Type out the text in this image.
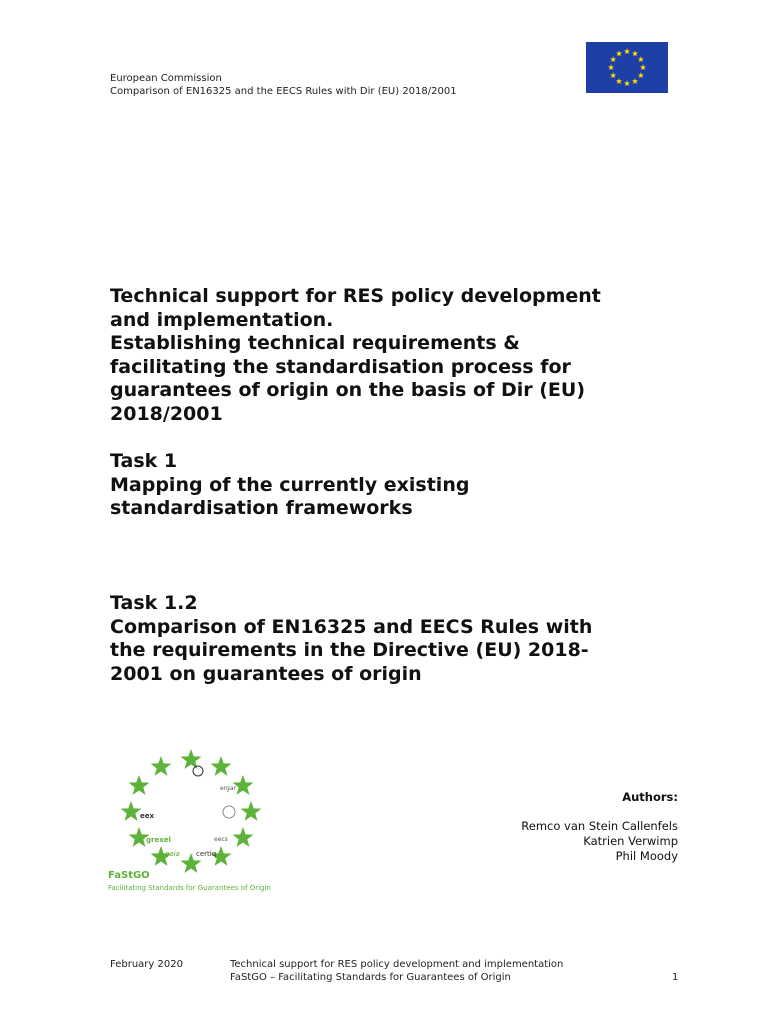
European Commission
Comparison of EN16325 and the EECS Rules with Dir (EU) 2018/2001
Technical support for RES policy development
and implementation.
Establishing technical requirements &
facilitating the standardisation process for
guarantees of origin on the basis of Dir (EU)
2018/2001
Task 1
Mapping of the currently existing
standardisation frameworks
Task 1.2
Comparison of EN16325 and EECS Rules with
the requirements in the Directive (EU) 2018-
2001 on guarantees of origin
eex
grexel
gaia certiq
eecs
ergar
FaStGO
Facilitating Standards for Guarantees of Origin
Authors:
Remco van Stein Callenfels
Katrien Verwimp
Phil Moody
February 2020	Technical support for RES policy development and implementation
FaStGO – Facilitating Standards for Guarantees of Origin	1
